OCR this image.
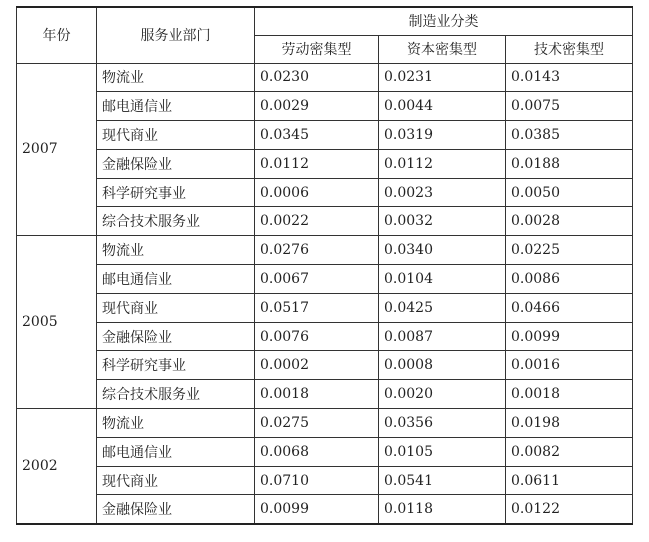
年份	服务业部门	制造业分类		
		劳动密集型	资本密集型	技术密集型
2007	物流业	0.0230	0.0231	0.0143
	邮电通信业	0.0029	0.0044	0.0075
	现代商业	0.0345	0.0319	0.0385
	金融保险业	0.0112	0.0112	0.0188
	科学研究事业	0.0006	0.0023	0.0050
	综合技术服务业	0.0022	0.0032	0.0028
2005	物流业	0.0276	0.0340	0.0225
	邮电通信业	0.0067	0.0104	0.0086
	现代商业	0.0517	0.0425	0.0466
	金融保险业	0.0076	0.0087	0.0099
	科学研究事业	0.0002	0.0008	0.0016
	综合技术服务业	0.0018	0.0020	0.0018
2002	物流业	0.0275	0.0356	0.0198
	邮电通信业	0.0068	0.0105	0.0082
	现代商业	0.0710	0.0541	0.0611
	金融保险业	0.0099	0.0118	0.0122
